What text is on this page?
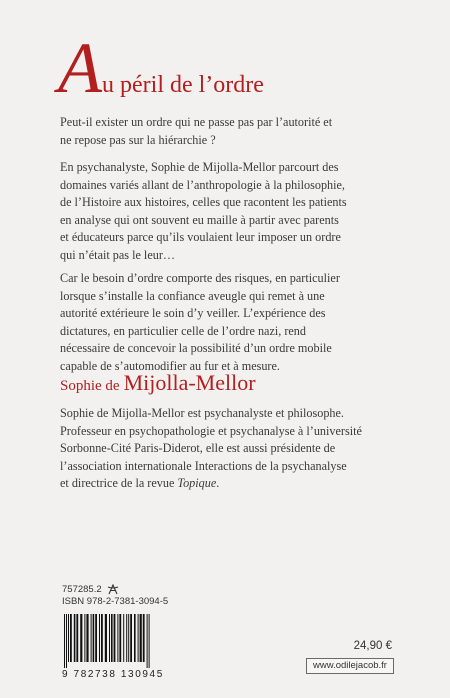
A u péril de l’ordre
Peut-il exister un ordre qui ne passe pas par l’autorité et
ne repose pas sur la hiérarchie ?
En psychanalyste, Sophie de Mijolla-Mellor parcourt des
domaines variés allant de l’anthropologie à la philosophie,
de l’Histoire aux histoires, celles que racontent les patients
en analyse qui ont souvent eu maille à partir avec parents
et éducateurs parce qu’ils voulaient leur imposer un ordre
qui n’était pas le leur…
Car le besoin d’ordre comporte des risques, en particulier
lorsque s’installe la confiance aveugle qui remet à une
autorité extérieure le soin d’y veiller. L’expérience des
dictatures, en particulier celle de l’ordre nazi, rend
nécessaire de concevoir la possibilité d’un ordre mobile
capable de s’automodifier au fur et à mesure.
Sophie de Mijolla-Mellor
Sophie de Mijolla-Mellor est psychanalyste et philosophe.
Professeur en psychopathologie et psychanalyse à l’université
Sorbonne-Cité Paris-Diderot, elle est aussi présidente de
l’association internationale Interactions de la psychanalyse
et directrice de la revue Topique.
757285.2
ISBN 978-2-7381-3094-5
9 782738 130945
24,90 €
www.odilejacob.fr
